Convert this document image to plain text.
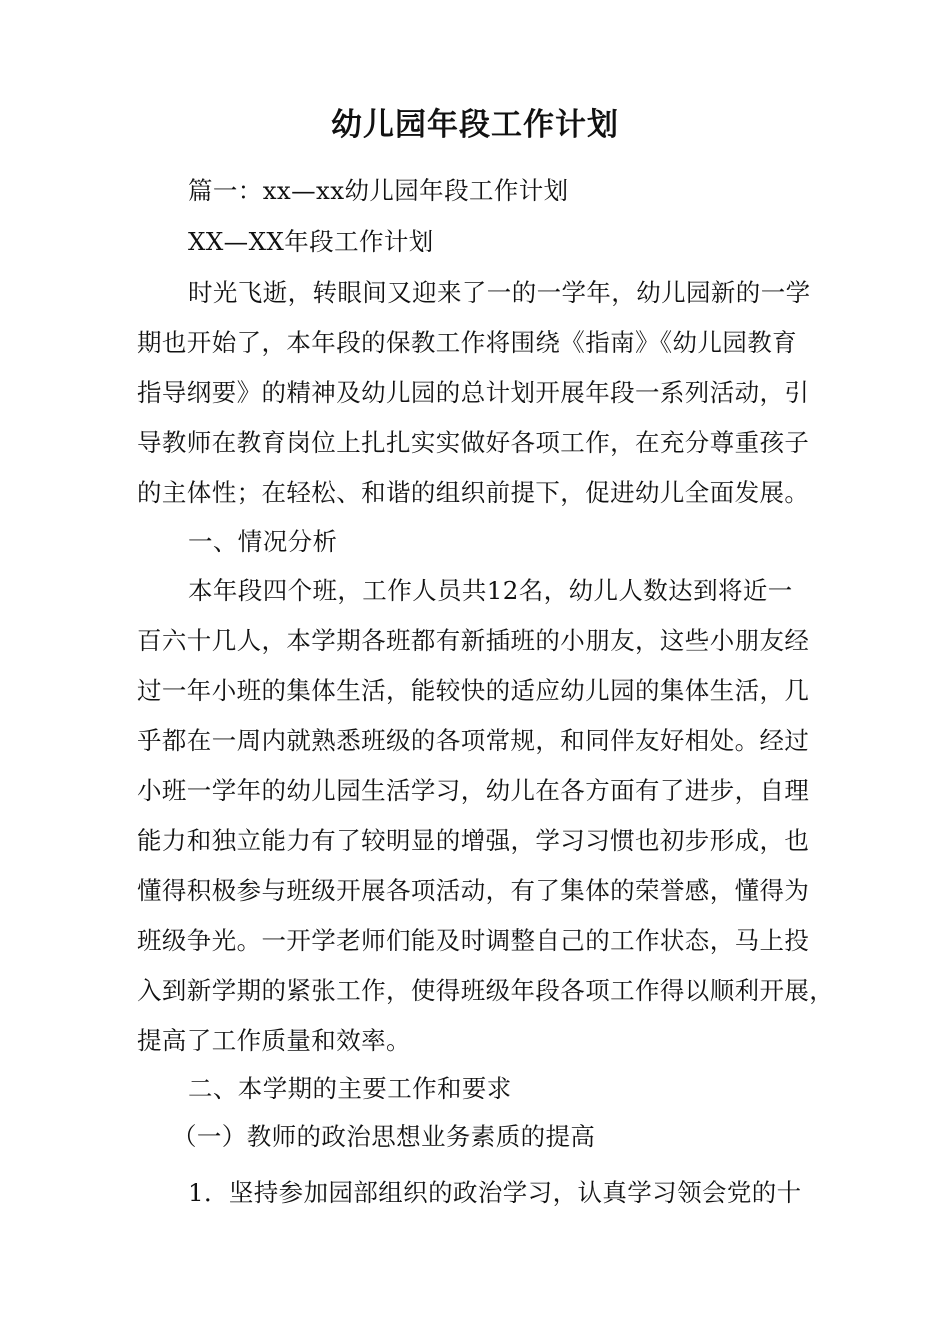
幼儿园年段工作计划
篇一：xx—xx幼儿园年段工作计划
XX—XX年段工作计划
时光飞逝，转眼间又迎来了一的一学年，幼儿园新的一学
期也开始了，本年段的保教工作将围绕《指南》《幼儿园教育
指导纲要》的精神及幼儿园的总计划开展年段一系列活动，引
导教师在教育岗位上扎扎实实做好各项工作，在充分尊重孩子
的主体性；在轻松、和谐的组织前提下，促进幼儿全面发展。
一、情况分析
本年段四个班，工作人员共12名，幼儿人数达到将近一
百六十几人，本学期各班都有新插班的小朋友，这些小朋友经
过一年小班的集体生活，能较快的适应幼儿园的集体生活，几
乎都在一周内就熟悉班级的各项常规，和同伴友好相处。经过
小班一学年的幼儿园生活学习，幼儿在各方面有了进步，自理
能力和独立能力有了较明显的增强，学习习惯也初步形成，也
懂得积极参与班级开展各项活动，有了集体的荣誉感，懂得为
班级争光。一开学老师们能及时调整自己的工作状态，马上投
入到新学期的紧张工作，使得班级年段各项工作得以顺利开展，
提高了工作质量和效率。
二、本学期的主要工作和要求
（一）教师的政治思想业务素质的提高
1．坚持参加园部组织的政治学习，认真学习领会党的十
